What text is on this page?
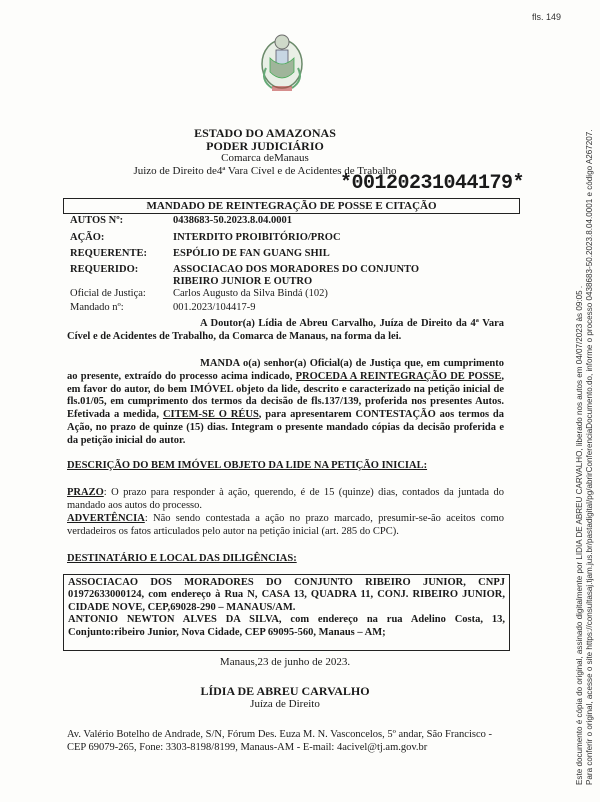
fls. 149
ESTADO DO AMAZONAS
PODER JUDICIÁRIO
Comarca deManaus
Juizo de Direito de4ª Vara Cível e de Acidentes de Trabalho
*00120231044179*
MANDADO DE REINTEGRAÇÃO DE POSSE E CITAÇÃO
AUTOS Nº:	0438683-50.2023.8.04.0001
AÇÃO:	INTERDITO PROIBITÓRIO/PROC
REQUERENTE: ESPÓLIO DE FAN GUANG SHIL
REQUERIDO:	ASSOCIACAO DOS MORADORES DO CONJUNTO RIBEIRO JUNIOR E OUTRO
Oficial de Justiça:	Carlos Augusto da Silva Bindá (102)
Mandado nº:	001.2023/104417-9
A Doutor(a) Lídia de Abreu Carvalho, Juíza de Direito da 4ª Vara Cível e de Acidentes de Trabalho, da Comarca de Manaus, na forma da lei.
MANDA o(a) senhor(a) Oficial(a) de Justiça que, em cumprimento ao presente, extraído do processo acima indicado, PROCEDA A REINTEGRAÇÃO DE POSSE, em favor do autor, do bem IMÓVEL objeto da lide, descrito e caracterizado na petição inicial de fls.01/05, em cumprimento dos termos da decisão de fls.137/139, proferida nos presentes Autos. Efetivada a medida, CITEM-SE O RÉUS, para apresentarem CONTESTAÇÃO aos termos da Ação, no prazo de quinze (15) dias. Integram o presente mandado cópias da decisão proferida e da petição inicial do autor.
DESCRIÇÃO DO BEM IMÓVEL OBJETO DA LIDE NA PETIÇÃO INICIAL:
PRAZO: O prazo para responder à ação, querendo, é de 15 (quinze) dias, contados da juntada do mandado aos autos do processo.
ADVERTÊNCIA: Não sendo contestada a ação no prazo marcado, presumir-se-ão aceitos como verdadeiros os fatos articulados pelo autor na petição inicial (art. 285 do CPC).
DESTINATÁRIO E LOCAL DAS DILIGÊNCIAS:
ASSOCIACAO DOS MORADORES DO CONJUNTO RIBEIRO JUNIOR, CNPJ 01972633000124, com endereço à Rua N, CASA 13, QUADRA 11, CONJ. RIBEIRO JUNIOR, CIDADE NOVE, CEP,69028-290 – MANAUS/AM.
ANTONIO NEWTON ALVES DA SILVA, com endereço na rua Adelino Costa, 13, Conjunto:ribeiro Junior, Nova Cidade, CEP 69095-560, Manaus – AM;
Manaus,23 de junho de 2023.
LÍDIA DE ABREU CARVALHO
Juíza de Direito
Av. Valério Botelho de Andrade, S/N, Fórum Des. Euza M. N. Vasconcelos, 5º andar, São Francisco - CEP 69079-265, Fone: 3303-8198/8199, Manaus-AM - E-mail: 4acivel@tj.am.gov.br	Este documento é cópia do original, assinado digitalmente por LIDIA DE ABREU CARVALHO, liberado nos autos em 04/07/2023 às 09:05 . Para conferir o original, acesse o site https://consultasaj.tjam.jus.br/pastadigital/pg/abrirConferenciaDocumento.do, informe o processo 0438683-50.2023.8.04.0001 e código A267207.
